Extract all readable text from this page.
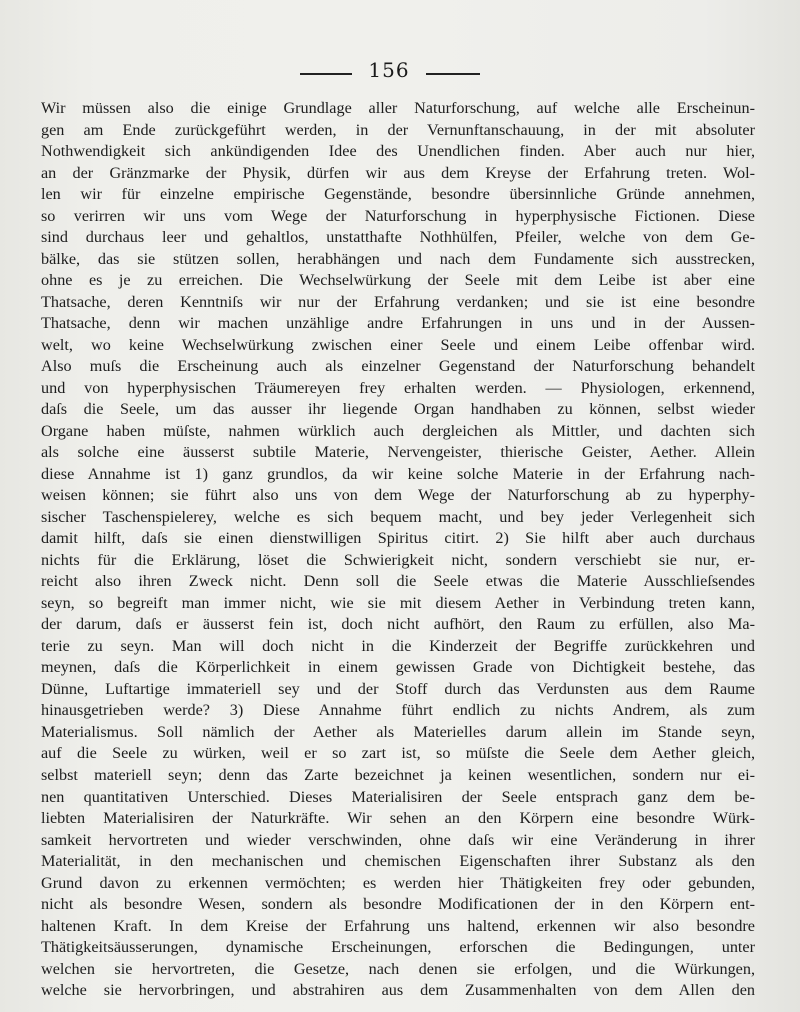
156
Wir müssen also die einige Grundlage aller Naturforschung, auf welche alle Erscheinun-
gen am Ende zurückgeführt werden, in der Vernunftanschauung, in der mit absoluter
Nothwendigkeit sich ankündigenden Idee des Unendlichen finden. Aber auch nur hier,
an der Gränzmarke der Physik, dürfen wir aus dem Kreyse der Erfahrung treten. Wol-
len wir für einzelne empirische Gegenstände, besondre übersinnliche Gründe annehmen,
so verirren wir uns vom Wege der Naturforschung in hyperphysische Fictionen. Diese
sind durchaus leer und gehaltlos, unstatthafte Nothhülfen, Pfeiler, welche von dem Ge-
bälke, das sie stützen sollen, herabhängen und nach dem Fundamente sich ausstrecken,
ohne es je zu erreichen. Die Wechselwürkung der Seele mit dem Leibe ist aber eine
Thatsache, deren Kenntniſs wir nur der Erfahrung verdanken; und sie ist eine besondre
Thatsache, denn wir machen unzählige andre Erfahrungen in uns und in der Aussen-
welt, wo keine Wechselwürkung zwischen einer Seele und einem Leibe offenbar wird.
Also muſs die Erscheinung auch als einzelner Gegenstand der Naturforschung behandelt
und von hyperphysischen Träumereyen frey erhalten werden. — Physiologen, erkennend,
daſs die Seele, um das ausser ihr liegende Organ handhaben zu können, selbst wieder
Organe haben müſste, nahmen würklich auch dergleichen als Mittler, und dachten sich
als solche eine äusserst subtile Materie, Nervengeister, thierische Geister, Aether. Allein
diese Annahme ist 1) ganz grundlos, da wir keine solche Materie in der Erfahrung nach-
weisen können; sie führt also uns von dem Wege der Naturforschung ab zu hyperphy-
sischer Taschenspielerey, welche es sich bequem macht, und bey jeder Verlegenheit sich
damit hilft, daſs sie einen dienstwilligen Spiritus citirt. 2) Sie hilft aber auch durchaus
nichts für die Erklärung, löset die Schwierigkeit nicht, sondern verschiebt sie nur, er-
reicht also ihren Zweck nicht. Denn soll die Seele etwas die Materie Ausschlieſsendes
seyn, so begreift man immer nicht, wie sie mit diesem Aether in Verbindung treten kann,
der darum, daſs er äusserst fein ist, doch nicht aufhört, den Raum zu erfüllen, also Ma-
terie zu seyn. Man will doch nicht in die Kinderzeit der Begriffe zurückkehren und
meynen, daſs die Körperlichkeit in einem gewissen Grade von Dichtigkeit bestehe, das
Dünne, Luftartige immateriell sey und der Stoff durch das Verdunsten aus dem Raume
hinausgetrieben werde? 3) Diese Annahme führt endlich zu nichts Andrem, als zum
Materialismus. Soll nämlich der Aether als Materielles darum allein im Stande seyn,
auf die Seele zu würken, weil er so zart ist, so müſste die Seele dem Aether gleich,
selbst materiell seyn; denn das Zarte bezeichnet ja keinen wesentlichen, sondern nur ei-
nen quantitativen Unterschied. Dieses Materialisiren der Seele entsprach ganz dem be-
liebten Materialisiren der Naturkräfte. Wir sehen an den Körpern eine besondre Würk-
samkeit hervortreten und wieder verschwinden, ohne daſs wir eine Veränderung in ihrer
Materialität, in den mechanischen und chemischen Eigenschaften ihrer Substanz als den
Grund davon zu erkennen vermöchten; es werden hier Thätigkeiten frey oder gebunden,
nicht als besondre Wesen, sondern als besondre Modificationen der in den Körpern ent-
haltenen Kraft. In dem Kreise der Erfahrung uns haltend, erkennen wir also besondre
Thätigkeitsäusserungen, dynamische Erscheinungen, erforschen die Bedingungen, unter
welchen sie hervortreten, die Gesetze, nach denen sie erfolgen, und die Würkungen,
welche sie hervorbringen, und abstrahiren aus dem Zusammenhalten von dem Allen den
